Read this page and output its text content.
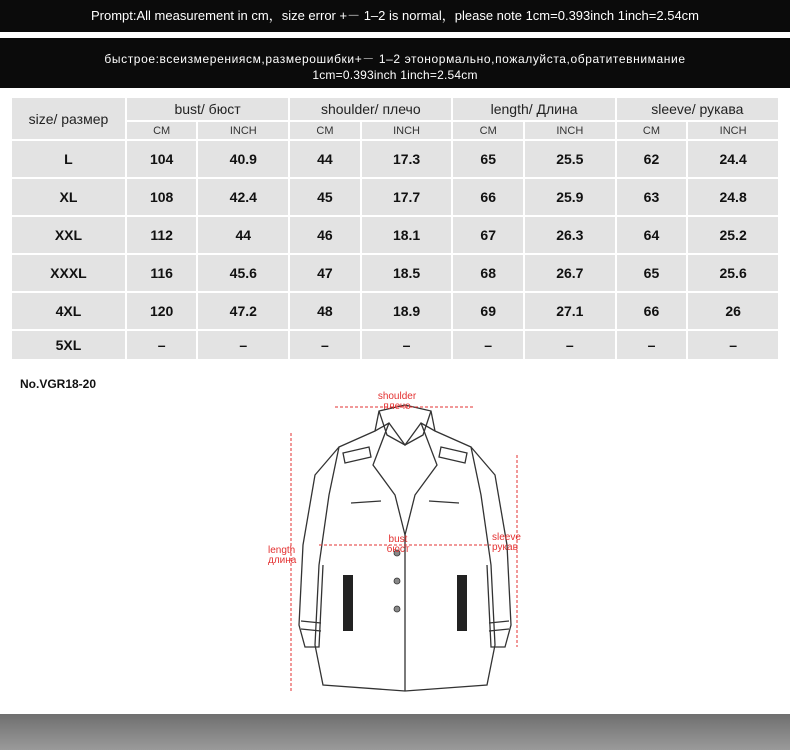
Prompt:All measurement in cm，size error +－ 1–2 is normal，please note 1cm=0.393inch 1inch=2.54cm
быстрое:всеизмеренияcм,размерошибки+－ 1–2 этонормально,пожалуйста,обратитевнимание
1cm=0.393inch 1inch=2.54cm
size/ размер	bust/ бюст		shoulder/ плечо		length/ Длина		sleeve/ рукава	
	CM	INCH	CM	INCH	CM	INCH	CM	INCH
L	104	40.9	44	17.3	65	25.5	62	24.4
XL	108	42.4	45	17.7	66	25.9	63	24.8
XXL	112	44	46	18.1	67	26.3	64	25.2
XXXL	116	45.6	47	18.5	68	26.7	65	25.6
4XL	120	47.2	48	18.9	69	27.1	66	26
5XL	–	–	–	–	–	–	–	–
No.VGR18-20
shoulder
плечо
bust
бюст
length
длина
sleeve
рукав
